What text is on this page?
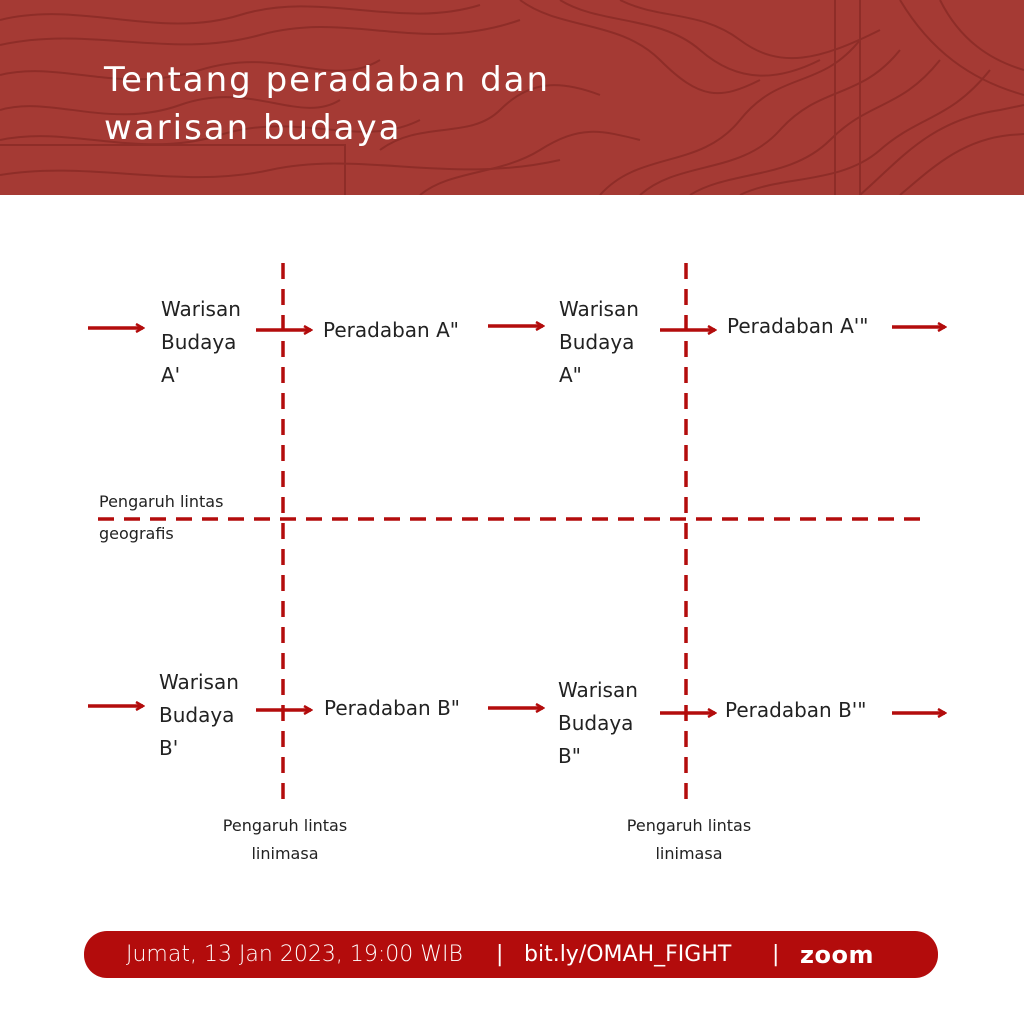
Tentang peradaban dan
warisan budaya
Warisan
Budaya
A'
Peradaban A"
Warisan
Budaya
A"
Peradaban A'"
Pengaruh lintas
geografis
Warisan
Budaya
B'
Peradaban B"
Warisan
Budaya
B"
Peradaban B'"
Pengaruh lintas
linimasa
Pengaruh lintas
linimasa
Jumat, 13 Jan 2023, 19:00 WIB | bit.ly/OMAH_FIGHT | zoom
